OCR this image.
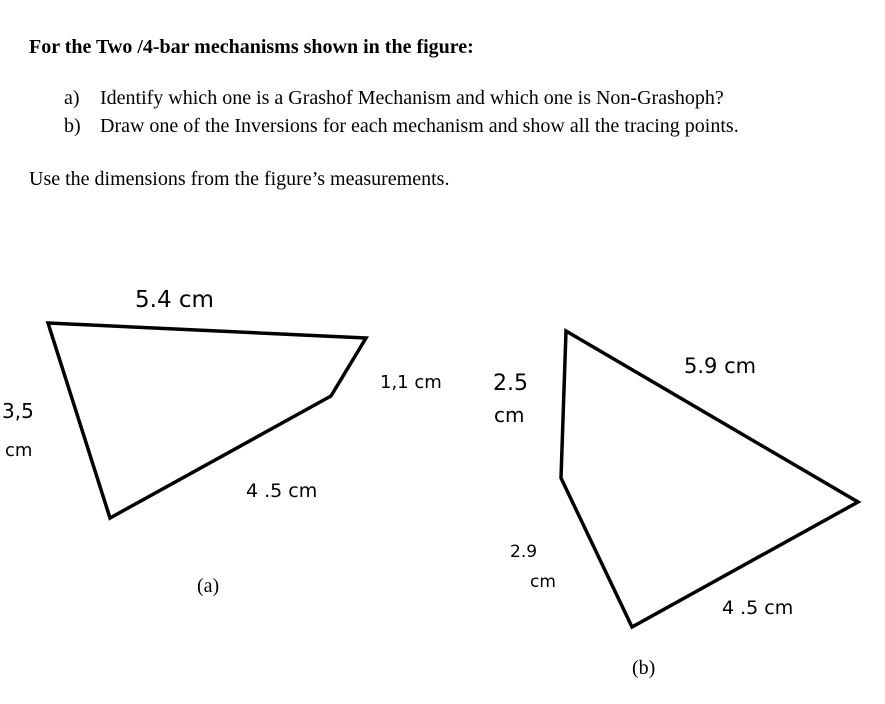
For the Two /4-bar mechanisms shown in the figure:
a) Identify which one is a Grashof Mechanism and which one is Non-Grashoph?
b) Draw one of the Inversions for each mechanism and show all the tracing points.
Use the dimensions from the figure’s measurements.
5.4 cm
3,5
cm
4 .5 cm
1,1 cm
(a)
2.5
cm
5.9 cm
2.9
cm
4 .5 cm
(b)
